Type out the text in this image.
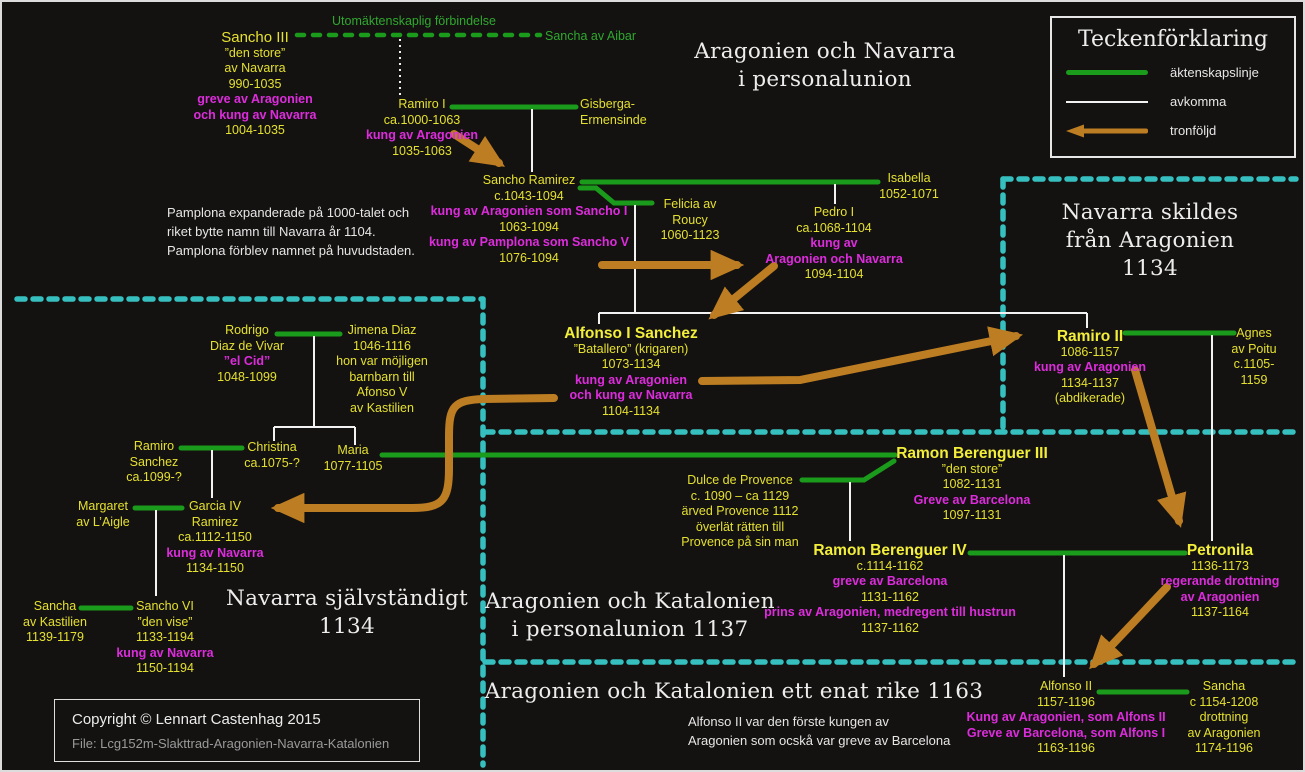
Aragonien och Navarra
i personalunion
Navarra skildes
från Aragonien
1134
Navarra självständigt
1134
Aragonien och Katalonien
i personalunion 1137
Aragonien och Katalonien ett enat rike 1163
Utomäktenskaplig förbindelse
Pamplona expanderade på 1000-talet och
riket bytte namn till Navarra år 1104.
Pamplona förblev namnet på huvudstaden.
Alfonso II var den förste kungen av
Aragonien som ocskå var greve av Barcelona
Sancho III
”den store”
av Navarra
990-1035
greve av Aragonien
och kung av Navarra
1004-1035
Sancha av Aibar
Ramiro I
ca.1000-1063
kung av Aragonien
1035-1063
Gisberga-
Ermensinde
Sancho Ramirez
c.1043-1094
kung av Aragonien som Sancho I
1063-1094
kung av Pamplona som Sancho V
1076-1094
Isabella
1052-1071
Felicia av
Roucy
1060-1123
Pedro I
ca.1068-1104
kung av
Aragonien och Navarra
1094-1104
Alfonso I Sanchez
”Batallero” (krigaren)
1073-1134
kung av Aragonien
och kung av Navarra
1104-1134
Ramiro II
1086-1157
kung av Aragonien
1134-1137
(abdikerade)
Agnes
av Poitu
c.1105-
1159
Rodrigo
Diaz de Vivar
”el Cid”
1048-1099
Jimena Diaz
1046-1116
hon var möjligen
barnbarn till
Afonso V
av Kastilien
Ramiro
Sanchez
ca.1099-?
Christina
ca.1075-?
Maria
1077-1105
Margaret
av L’Aigle
Garcia IV
Ramirez
ca.1112-1150
kung av Navarra
1134-1150
Sancha
av Kastilien
1139-1179
Sancho VI
”den vise”
1133-1194
kung av Navarra
1150-1194
Dulce de Provence
c. 1090 – ca 1129
ärved Provence 1112
överlät rätten till
Provence på sin man
Ramon Berenguer III
”den store”
1082-1131
Greve av Barcelona
1097-1131
Ramon Berenguer IV
c.1114-1162
greve av Barcelona
1131-1162
prins av Aragonien, medregent till hustrun
1137-1162
Petronila
1136-1173
regerande drottning
av Aragonien
1137-1164
Alfonso II
1157-1196
Kung av Aragonien, som Alfons II
Greve av Barcelona, som Alfons I
1163-1196
Sancha
c 1154-1208
drottning
av Aragonien
1174-1196
Teckenförklaring
äktenskapslinje
avkomma
tronföljd
Copyright © Lennart Castenhag 2015
File: Lcg152m-Slakttrad-Aragonien-Navarra-Katalonien
